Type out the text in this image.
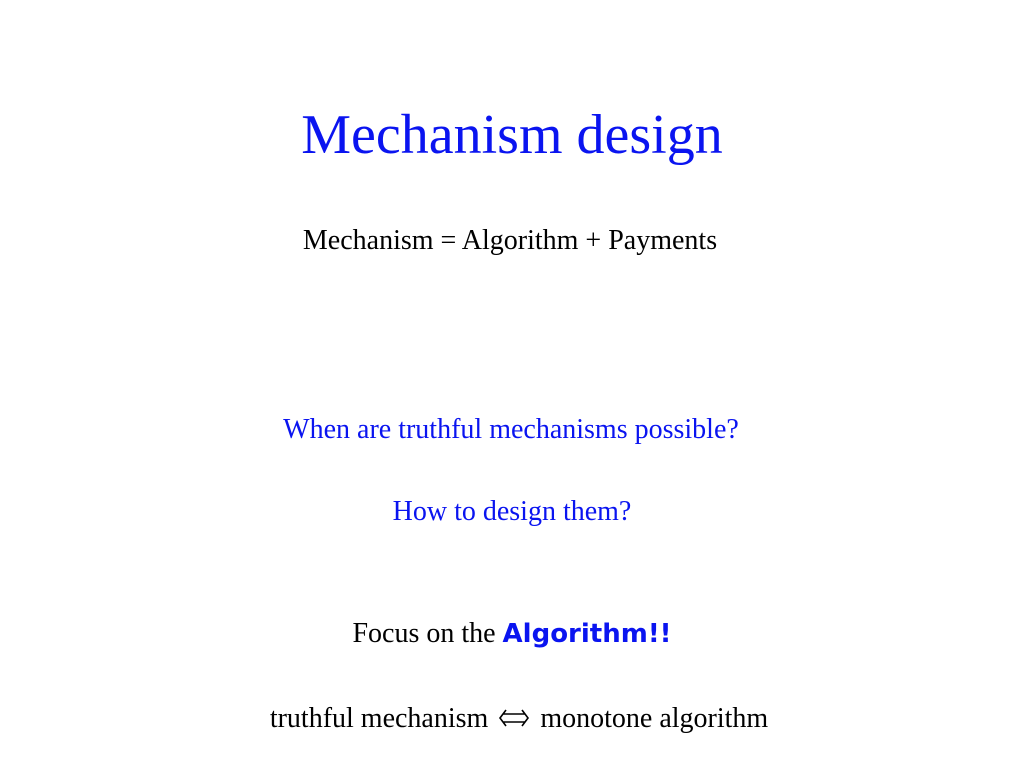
Mechanism design
Mechanism = Algorithm + Payments
When are truthful mechanisms possible?
How to design them?
Focus on the Algorithm!!
truthful mechanism monotone algorithm
